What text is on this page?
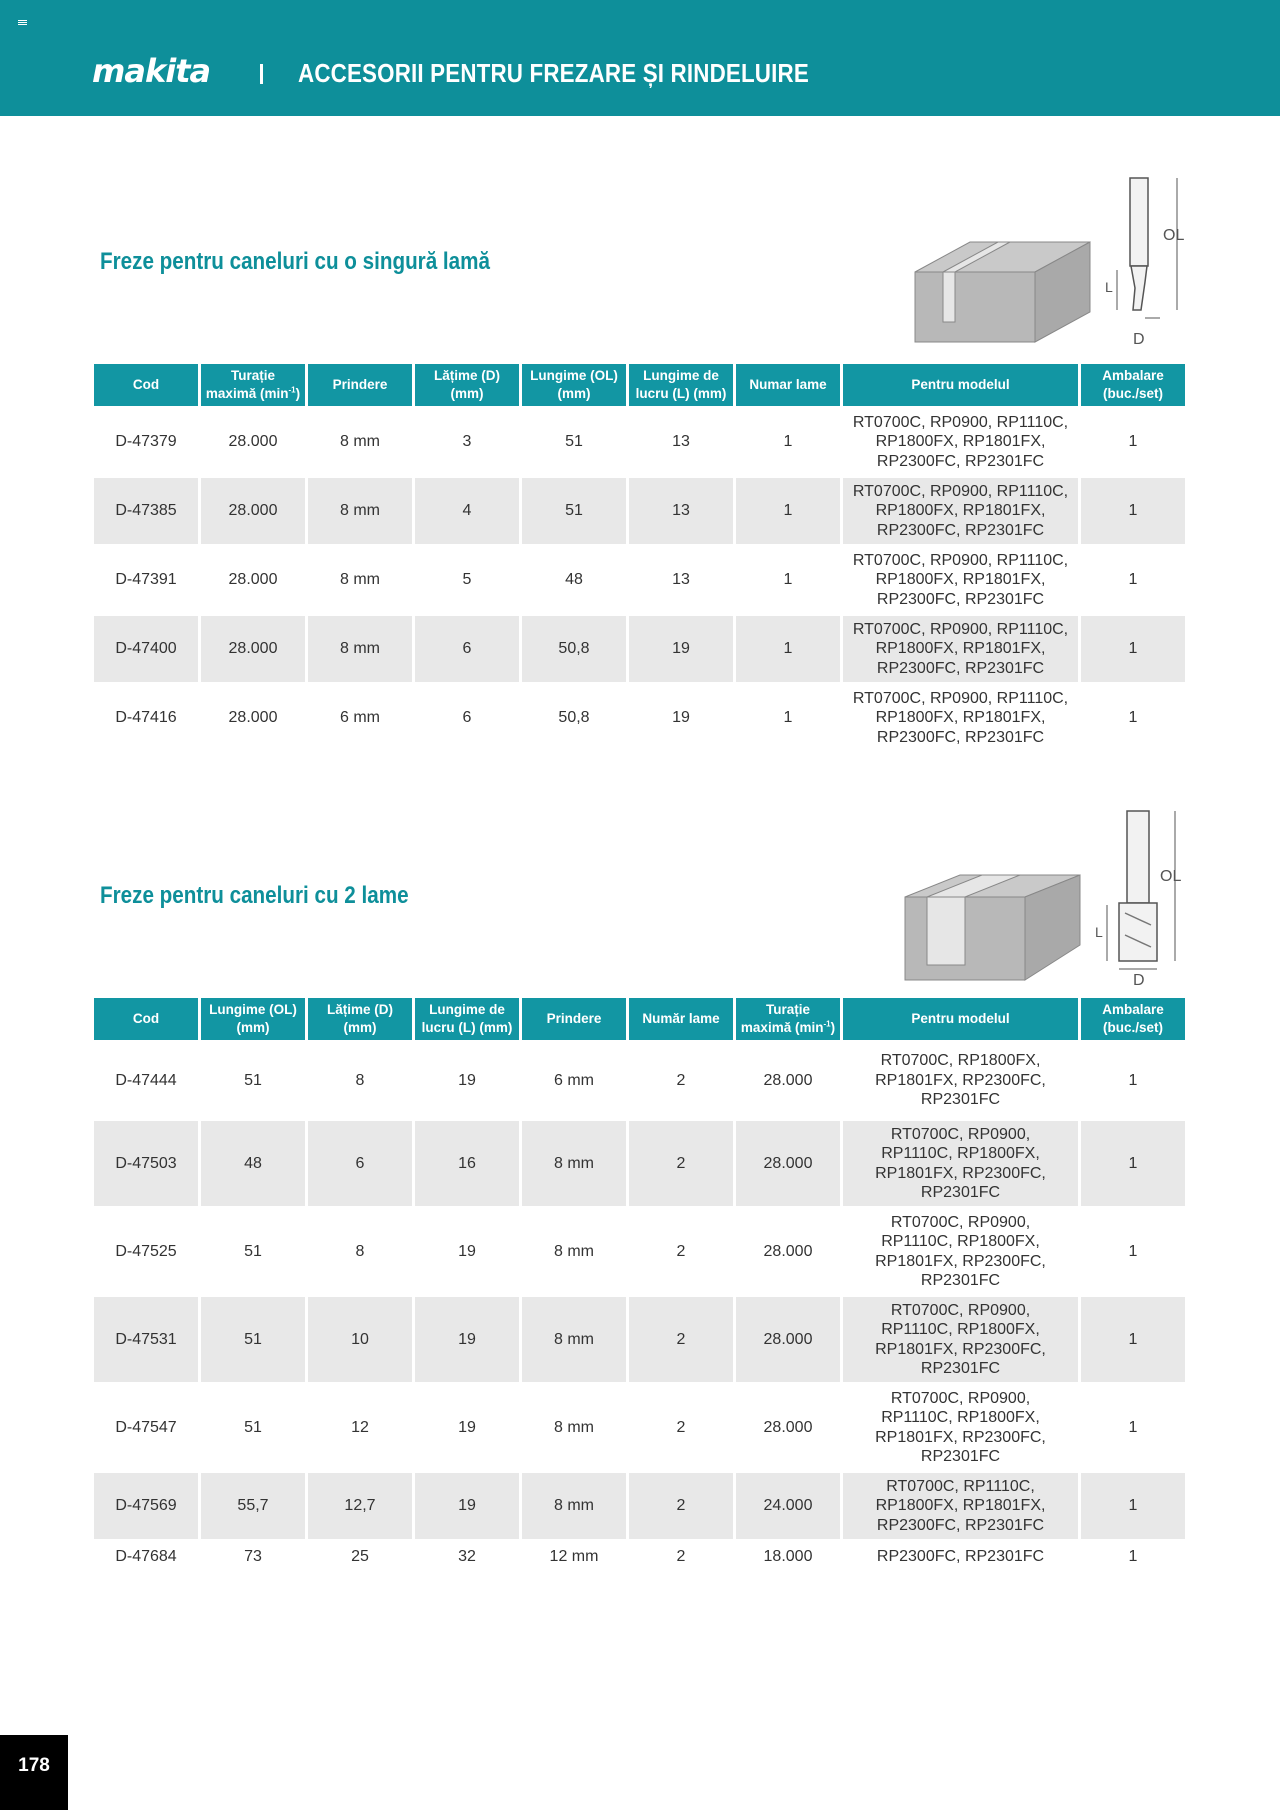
makita	ACCESORII PENTRU FREZARE ȘI RINDELUIRE
Freze pentru caneluri cu o singură lamă
OL
L
D
Cod	Turație
maximă $(\min^{-1})$	Prindere	Lățime (D)
(mm)	Lungime (OL)
(mm)	Lungime de
lucru (L) (mm)	Numar lame	Pentru modelul	Ambalare
(buc./set)
D-47379	28.000	8 mm	3	51	13	1	RT0700C, RP0900, RP1110C,
RP1800FX, RP1801FX,
RP2300FC, RP2301FC	1
D-47385	28.000	8 mm	4	51	13	1	RT0700C, RP0900, RP1110C,
RP1800FX, RP1801FX,
RP2300FC, RP2301FC	1
D-47391	28.000	8 mm	5	48	13	1	RT0700C, RP0900, RP1110C,
RP1800FX, RP1801FX,
RP2300FC, RP2301FC	1
D-47400	28.000	8 mm	6	50,8	19	1	RT0700C, RP0900, RP1110C,
RP1800FX, RP1801FX,
RP2300FC, RP2301FC	1
D-47416	28.000	6 mm	6	50,8	19	1	RT0700C, RP0900, RP1110C,
RP1800FX, RP1801FX,
RP2300FC, RP2301FC	1
Freze pentru caneluri cu 2 lame
OL
L
D
Cod	Lungime (OL)
(mm)	Lățime (D)
(mm)	Lungime de
lucru (L) (mm)	Prindere	Număr lame	Turație
maximă $(\min^{-1})$	Pentru modelul	Ambalare
(buc./set)
D-47444	51	8	19	6 mm	2	28.000	RT0700C, RP1800FX,
RP1801FX, RP2300FC,
RP2301FC	1
D-47503	48	6	16	8 mm	2	28.000	RT0700C, RP0900,
RP1110C, RP1800FX,
RP1801FX, RP2300FC,
RP2301FC	1
D-47525	51	8	19	8 mm	2	28.000	RT0700C, RP0900,
RP1110C, RP1800FX,
RP1801FX, RP2300FC,
RP2301FC	1
D-47531	51	10	19	8 mm	2	28.000	RT0700C, RP0900,
RP1110C, RP1800FX,
RP1801FX, RP2300FC,
RP2301FC	1
D-47547	51	12	19	8 mm	2	28.000	RT0700C, RP0900,
RP1110C, RP1800FX,
RP1801FX, RP2300FC,
RP2301FC	1
D-47569	55,7	12,7	19	8 mm	2	24.000	RT0700C, RP1110C,
RP1800FX, RP1801FX,
RP2300FC, RP2301FC	1
D-47684	73	25	32	12 mm	2	18.000	RP2300FC, RP2301FC	1
178
